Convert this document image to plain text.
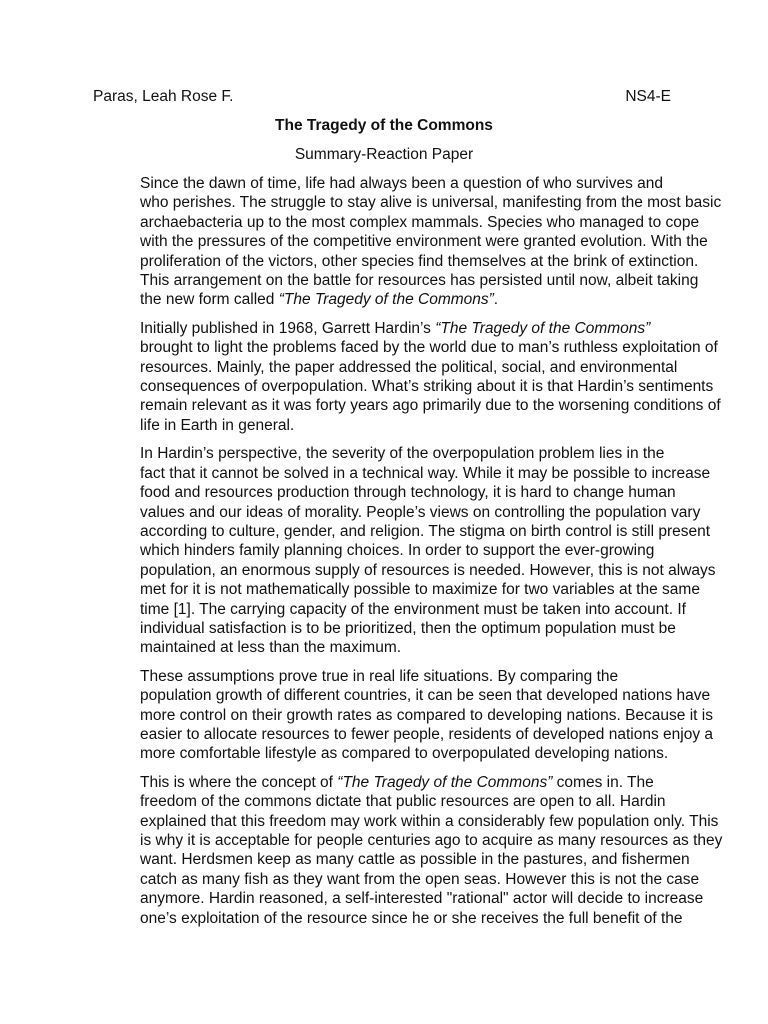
Paras, Leah Rose F.	NS4-E
The Tragedy of the Commons
Summary-Reaction Paper

Since the dawn of time, life had always been a question of who survives and
who perishes. The struggle to stay alive is universal, manifesting from the most basic
archaebacteria up to the most complex mammals. Species who managed to cope
with the pressures of the competitive environment were granted evolution. With the
proliferation of the victors, other species find themselves at the brink of extinction.
This arrangement on the battle for resources has persisted until now, albeit taking
the new form called “The Tragedy of the Commons”.

Initially published in 1968, Garrett Hardin’s “The Tragedy of the Commons”
brought to light the problems faced by the world due to man’s ruthless exploitation of
resources. Mainly, the paper addressed the political, social, and environmental
consequences of overpopulation. What’s striking about it is that Hardin’s sentiments
remain relevant as it was forty years ago primarily due to the worsening conditions of
life in Earth in general.

In Hardin’s perspective, the severity of the overpopulation problem lies in the
fact that it cannot be solved in a technical way. While it may be possible to increase
food and resources production through technology, it is hard to change human
values and our ideas of morality. People’s views on controlling the population vary
according to culture, gender, and religion. The stigma on birth control is still present
which hinders family planning choices. In order to support the ever-growing
population, an enormous supply of resources is needed. However, this is not always
met for it is not mathematically possible to maximize for two variables at the same
time [1]. The carrying capacity of the environment must be taken into account. If
individual satisfaction is to be prioritized, then the optimum population must be
maintained at less than the maximum.

These assumptions prove true in real life situations. By comparing the
population growth of different countries, it can be seen that developed nations have
more control on their growth rates as compared to developing nations. Because it is
easier to allocate resources to fewer people, residents of developed nations enjoy a
more comfortable lifestyle as compared to overpopulated developing nations.

This is where the concept of “The Tragedy of the Commons” comes in. The
freedom of the commons dictate that public resources are open to all. Hardin
explained that this freedom may work within a considerably few population only. This
is why it is acceptable for people centuries ago to acquire as many resources as they
want. Herdsmen keep as many cattle as possible in the pastures, and fishermen
catch as many fish as they want from the open seas. However this is not the case
anymore. Hardin reasoned, a self-interested "rational" actor will decide to increase
one’s exploitation of the resource since he or she receives the full benefit of the
